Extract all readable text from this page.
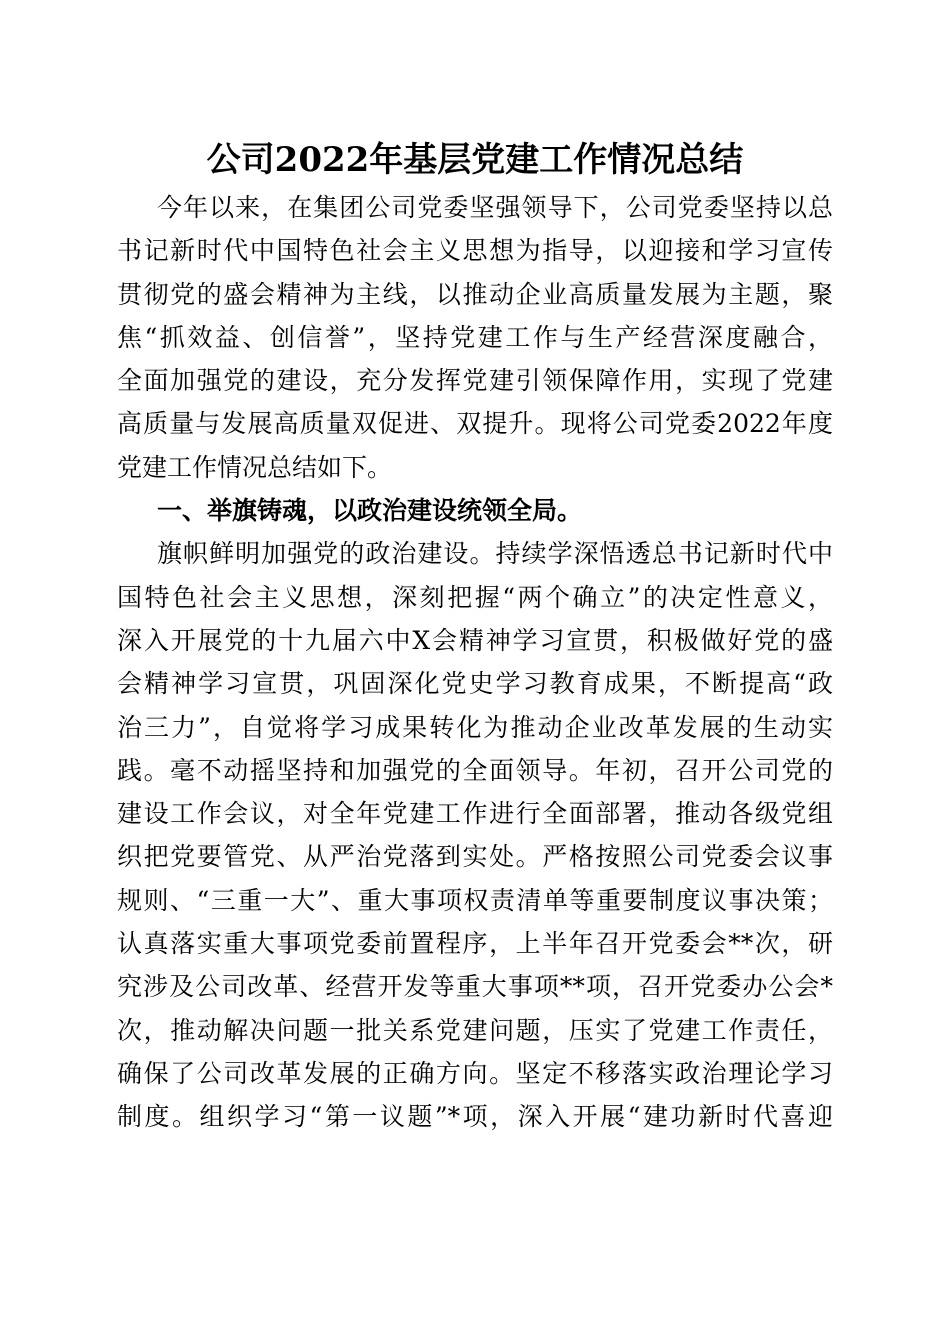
公司2022年基层党建工作情况总结
今年以来，在集团公司党委坚强领导下，公司党委坚持以总
书记新时代中国特色社会主义思想为指导，以迎接和学习宣传
贯彻党的盛会精神为主线，以推动企业高质量发展为主题，聚
焦“抓效益、创信誉”，坚持党建工作与生产经营深度融合，
全面加强党的建设，充分发挥党建引领保障作用，实现了党建
高质量与发展高质量双促进、双提升。现将公司党委2022年度
党建工作情况总结如下。
一、举旗铸魂，以政治建设统领全局。
旗帜鲜明加强党的政治建设。持续学深悟透总书记新时代中
国特色社会主义思想，深刻把握“两个确立”的决定性意义，
深入开展党的十九届六中X会精神学习宣贯，积极做好党的盛
会精神学习宣贯，巩固深化党史学习教育成果，不断提高“政
治三力”，自觉将学习成果转化为推动企业改革发展的生动实
践。毫不动摇坚持和加强党的全面领导。年初，召开公司党的
建设工作会议，对全年党建工作进行全面部署，推动各级党组
织把党要管党、从严治党落到实处。严格按照公司党委会议事
规则、“三重一大”、重大事项权责清单等重要制度议事决策；
认真落实重大事项党委前置程序，上半年召开党委会**次，研
究涉及公司改革、经营开发等重大事项**项，召开党委办公会*
次，推动解决问题一批关系党建问题，压实了党建工作责任，
确保了公司改革发展的正确方向。坚定不移落实政治理论学习
制度。组织学习“第一议题”*项，深入开展“建功新时代喜迎
